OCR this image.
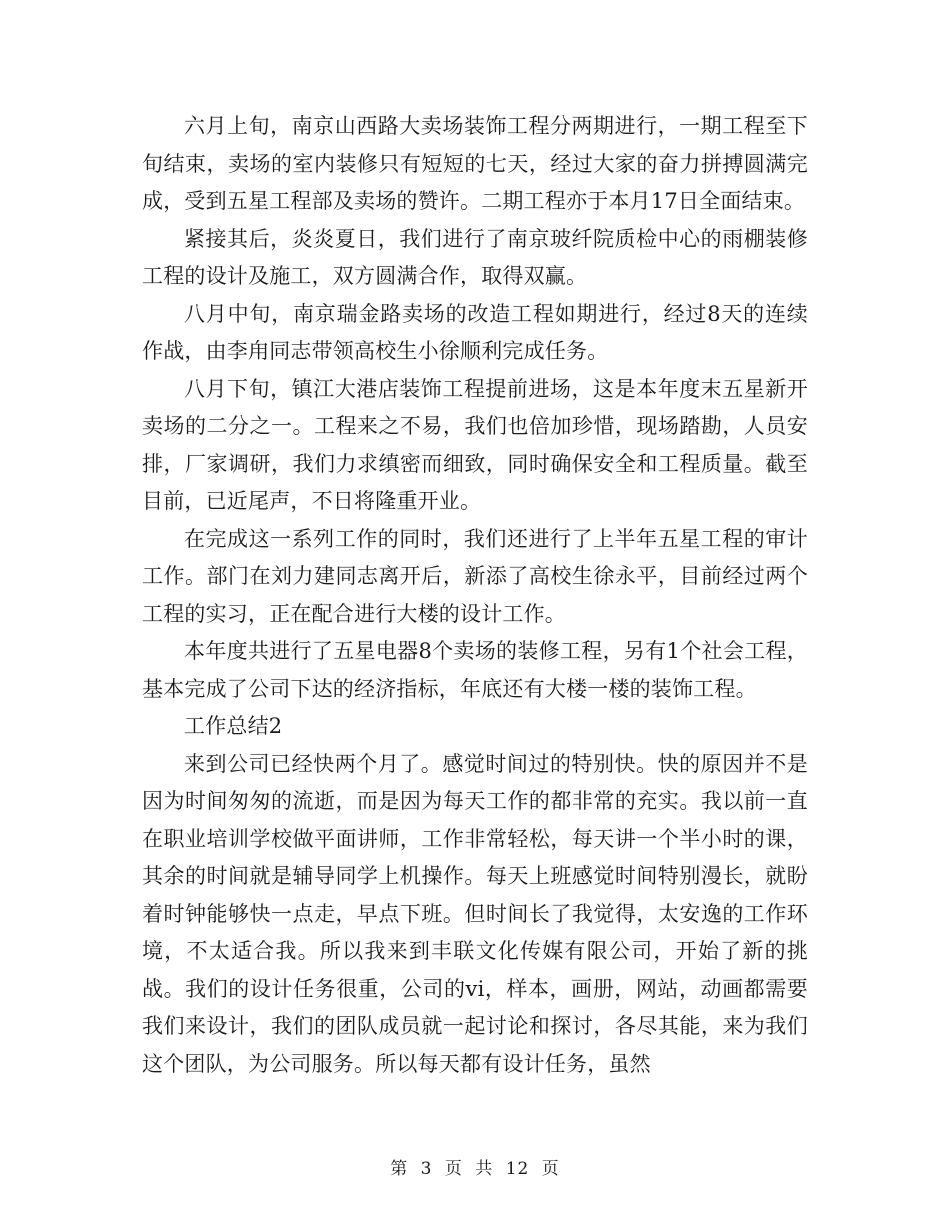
六月上旬，南京山西路大卖场装饰工程分两期进行，一期工程至下旬结束，卖场的室内装修只有短短的七天，经过大家的奋力拼搏圆满完成，受到五星工程部及卖场的赞许。二期工程亦于本月17日全面结束。

紧接其后，炎炎夏日，我们进行了南京玻纤院质检中心的雨棚装修工程的设计及施工，双方圆满合作，取得双赢。

八月中旬，南京瑞金路卖场的改造工程如期进行，经过8天的连续作战，由李甪同志带领高校生小徐顺利完成任务。

八月下旬，镇江大港店装饰工程提前进场，这是本年度末五星新开卖场的二分之一。工程来之不易，我们也倍加珍惜，现场踏勘，人员安排，厂家调研，我们力求缜密而细致，同时确保安全和工程质量。截至目前，已近尾声，不日将隆重开业。

在完成这一系列工作的同时，我们还进行了上半年五星工程的审计工作。部门在刘力建同志离开后，新添了高校生徐永平，目前经过两个工程的实习，正在配合进行大楼的设计工作。

本年度共进行了五星电器8个卖场的装修工程，另有1个社会工程，基本完成了公司下达的经济指标，年底还有大楼一楼的装饰工程。

工作总结2

来到公司已经快两个月了。感觉时间过的特别快。快的原因并不是因为时间匆匆的流逝，而是因为每天工作的都非常的充实。我以前一直在职业培训学校做平面讲师，工作非常轻松，每天讲一个半小时的课，其余的时间就是辅导同学上机操作。每天上班感觉时间特别漫长，就盼着时钟能够快一点走，早点下班。但时间长了我觉得，太安逸的工作环境，不太适合我。所以我来到丰联文化传媒有限公司，开始了新的挑战。我们的设计任务很重，公司的vi，样本，画册，网站，动画都需要我们来设计，我们的团队成员就一起讨论和探讨，各尽其能，来为我们这个团队，为公司服务。所以每天都有设计任务，虽然

第 3 页 共 12 页
